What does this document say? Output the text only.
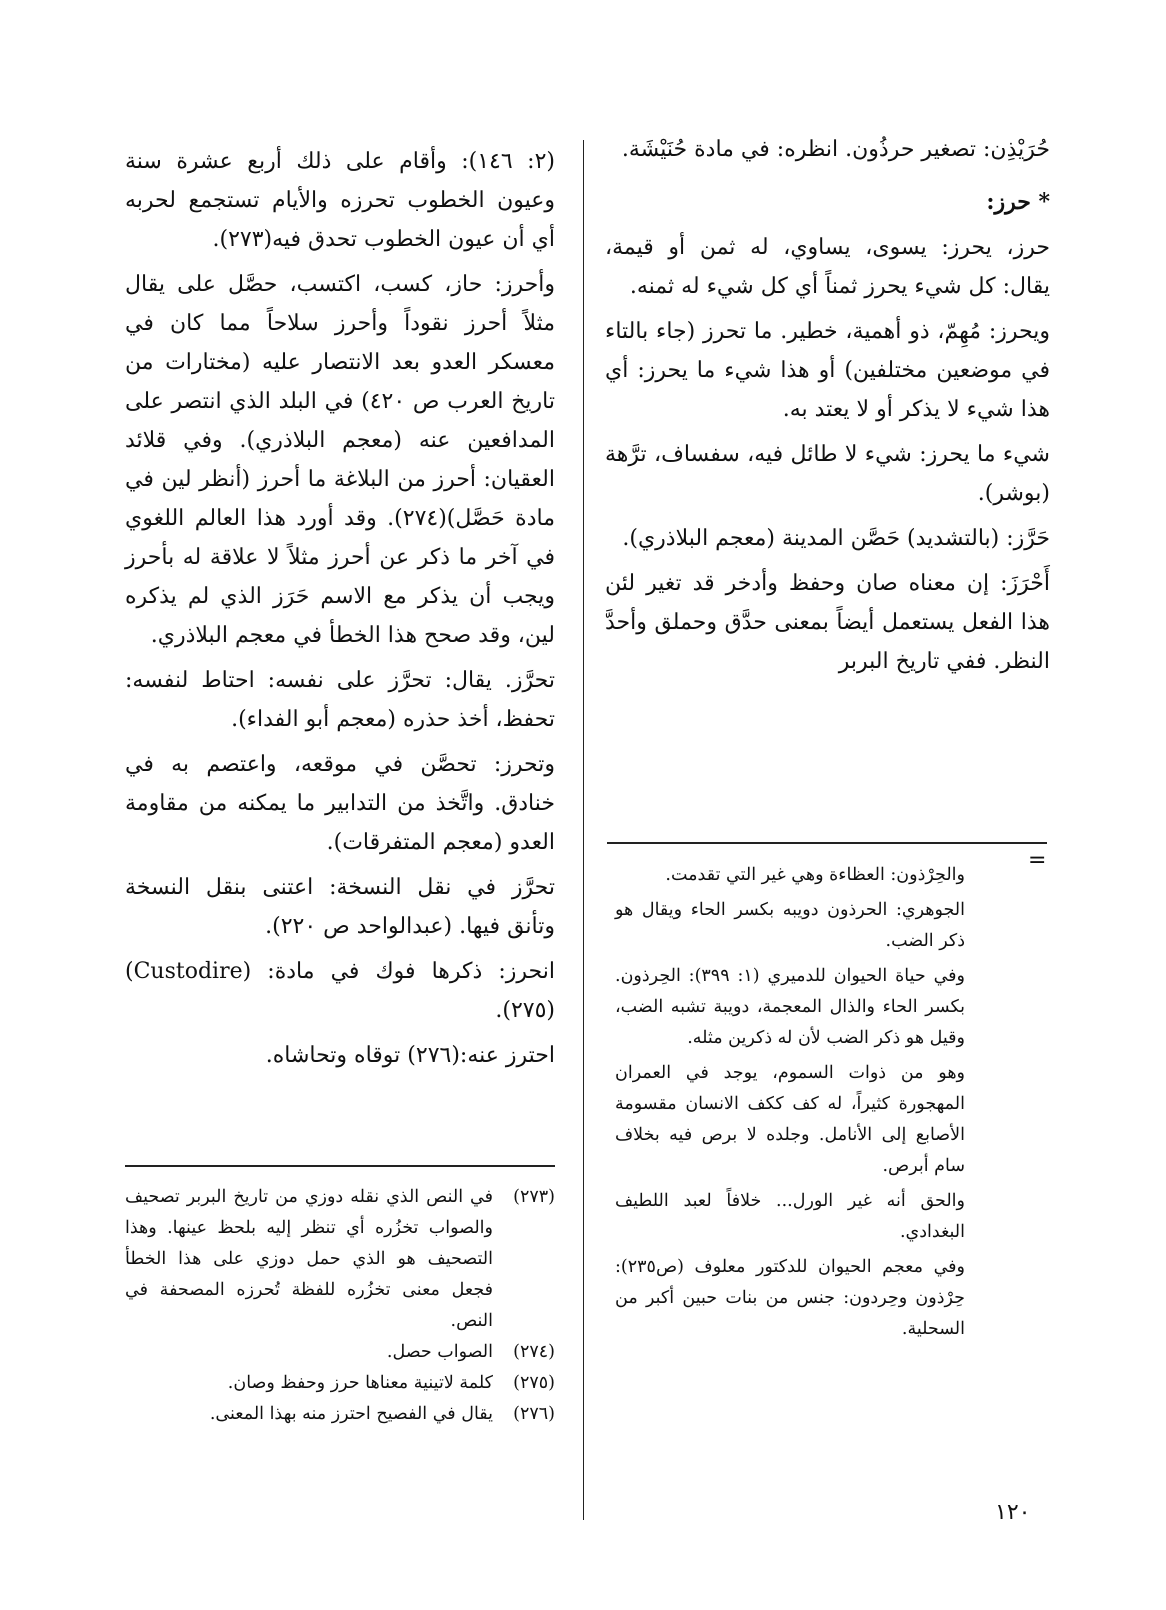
حُرَيْذِن: تصغير حرذُون. انظره: في مادة حُنَيْشَة.

* حرز:

حرز، يحرز: يسوى، يساوي، له ثمن أو قيمة، يقال: كل شيء يحرز ثمناً أي كل شيء له ثمنه.

ويحرز: مُهِمّ، ذو أهمية، خطير. ما تحرز (جاء بالتاء في موضعين مختلفين) أو هذا شيء ما يحرز: أي هذا شيء لا يذكر أو لا يعتد به.

شيء ما يحرز: شيء لا طائل فيه، سفساف، ترَّهة (بوشر).

حَرَّز: (بالتشديد) حَصَّن المدينة (معجم البلاذري).

أَحْرَزَ: إن معناه صان وحفظ وأدخر قد تغير لئن هذا الفعل يستعمل أيضاً بمعنى حدَّق وحملق وأحدَّ النظر. ففي تاريخ البربر

=

والحِرْذون: العظاءة وهي غير التي تقدمت.

الجوهري: الحرذون دويبه بكسر الحاء ويقال هو ذكر الضب.

وفي حياة الحيوان للدميري (١: ٣٩٩): الحِرذون. بكسر الحاء والذال المعجمة، دويبة تشبه الضب، وقيل هو ذكر الضب لأن له ذكرين مثله.

وهو من ذوات السموم، يوجد في العمران المهجورة كثيراً، له كف ككف الانسان مقسومة الأصابع إلى الأنامل. وجلده لا برص فيه بخلاف سام أبرص.

والحق أنه غير الورل... خلافاً لعبد اللطيف البغدادي.

وفي معجم الحيوان للدكتور معلوف (ص٢٣٥): حِرْذون وحِردون: جنس من بنات حبين أكبر من السحلية.

(٢: ١٤٦): وأقام على ذلك أربع عشرة سنة وعيون الخطوب تحرزه والأيام تستجمع لحربه أي أن عيون الخطوب تحدق فيه(٢٧٣).

وأحرز: حاز، كسب، اكتسب، حصَّل على يقال مثلاً أحرز نقوداً وأحرز سلاحاً مما كان في معسكر العدو بعد الانتصار عليه (مختارات من تاريخ العرب ص ٤٢٠) في البلد الذي انتصر على المدافعين عنه (معجم البلاذري). وفي قلائد العقيان: أحرز من البلاغة ما أحرز (أنظر لين في مادة حَصَّل)(٢٧٤). وقد أورد هذا العالم اللغوي في آخر ما ذكر عن أحرز مثلاً لا علاقة له بأحرز ويجب أن يذكر مع الاسم حَرَز الذي لم يذكره لين، وقد صحح هذا الخطأ في معجم البلاذري.

تحرَّز. يقال: تحرَّز على نفسه: احتاط لنفسه: تحفظ، أخذ حذره (معجم أبو الفداء).

وتحرز: تحصَّن في موقعه، واعتصم به في خنادق. واتَّخذ من التدابير ما يمكنه من مقاومة العدو (معجم المتفرقات).

تحرَّز في نقل النسخة: اعتنى بنقل النسخة وتأنق فيها. (عبدالواحد ص ٢٢٠).

انحرز: ذكرها فوك في مادة: (Custodire)(٢٧٥).

احترز عنه:(٢٧٦) توقاه وتحاشاه.

(٢٧٣)
في النص الذي نقله دوزي من تاريخ البربر تصحيف والصواب تخزُره أي تنظر إليه بلحظ عينها. وهذا التصحيف هو الذي حمل دوزي على هذا الخطأ فجعل معنى تخزُره للفظة تُحرزه المصحفة في النص.
(٢٧٤)
الصواب حصل.
(٢٧٥)
كلمة لاتينية معناها حرز وحفظ وصان.
(٢٧٦)
يقال في الفصيح احترز منه بهذا المعنى.
١٢٠
